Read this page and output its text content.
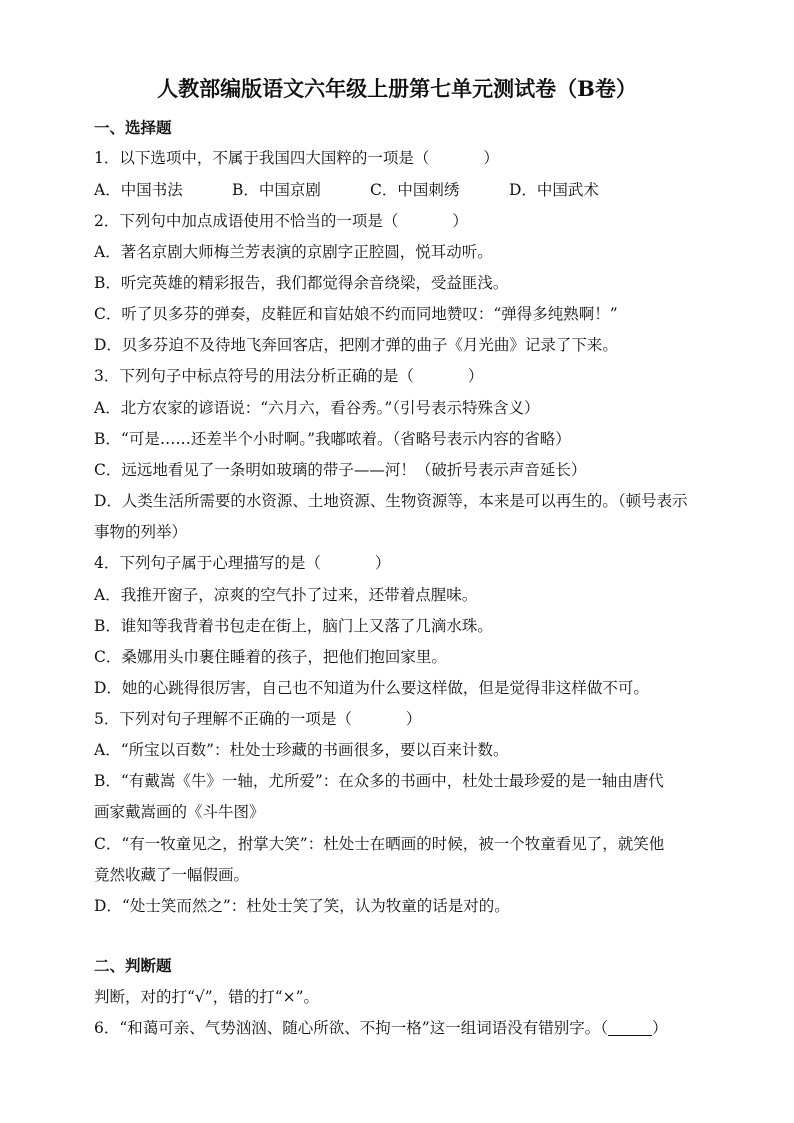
人教部编版语文六年级上册第七单元测试卷（B卷）
一、选择题
1．以下选项中，不属于我国四大国粹的一项是（	）
A．中国书法	B．中国京剧	C．中国刺绣	D．中国武术
2．下列句中加点成语使用不恰当的一项是（	）
A．著名京剧大师梅兰芳表演的京剧字正腔圆，悦耳动听。
B．听完英雄的精彩报告，我们都觉得余音绕梁，受益匪浅。
C．听了贝多芬的弹奏，皮鞋匠和盲姑娘不约而同地赞叹：“弹得多纯熟啊！”
D．贝多芬迫不及待地飞奔回客店，把刚才弹的曲子《月光曲》记录了下来。
3．下列句子中标点符号的用法分析正确的是（	）
A．北方农家的谚语说：“六月六，看谷秀。”（引号表示特殊含义）
B．“可是……还差半个小时啊。”我嘟哝着。（省略号表示内容的省略）
C．远远地看见了一条明如玻璃的带子——河！（破折号表示声音延长）
D．人类生活所需要的水资源、土地资源、生物资源等，本来是可以再生的。（顿号表示
事物的列举）
4．下列句子属于心理描写的是（	）
A．我推开窗子，凉爽的空气扑了过来，还带着点腥味。
B．谁知等我背着书包走在街上，脑门上又落了几滴水珠。
C．桑娜用头巾裹住睡着的孩子，把他们抱回家里。
D．她的心跳得很厉害，自己也不知道为什么要这样做，但是觉得非这样做不可。
5．下列对句子理解不正确的一项是（	）
A．“所宝以百数”：杜处士珍藏的书画很多，要以百来计数。
B．“有戴嵩《牛》一轴，尤所爱”：在众多的书画中，杜处士最珍爱的是一轴由唐代
画家戴嵩画的《斗牛图》
C．“有一牧童见之，拊掌大笑”：杜处士在晒画的时候，被一个牧童看见了，就笑他
竟然收藏了一幅假画。
D．“处士笑而然之”：杜处士笑了笑，认为牧童的话是对的。
二、判断题
判断，对的打“√”，错的打“×”。
6．“和蔼可亲、气势汹汹、随心所欲、不拘一格”这一组词语没有错别字。（	）
